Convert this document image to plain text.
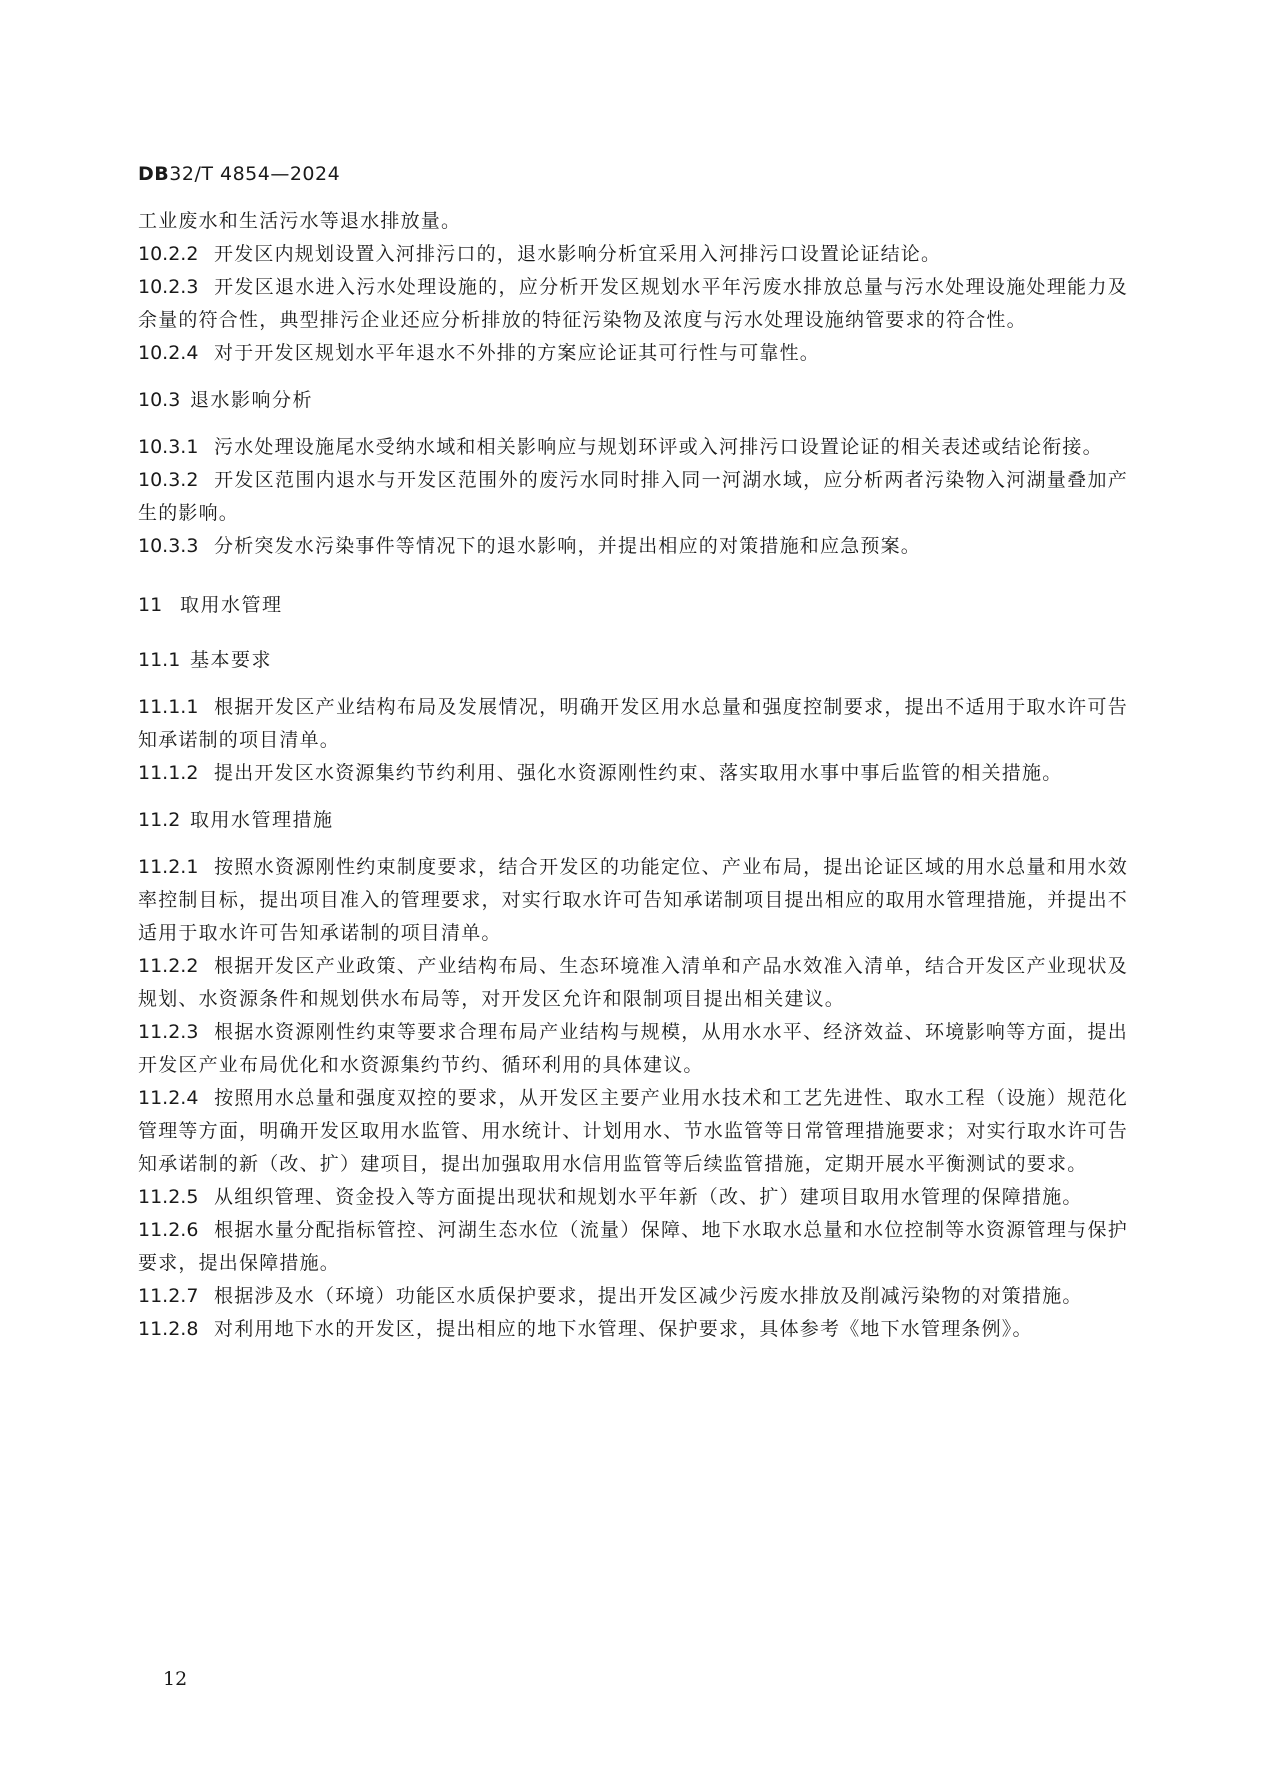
DB32/T 4854—2024

工业废水和生活污水等退水排放量。

10.2.2 开发区内规划设置入河排污口的，退水影响分析宜采用入河排污口设置论证结论。

10.2.3 开发区退水进入污水处理设施的，应分析开发区规划水平年污废水排放总量与污水处理设施处理能力及余量的符合性，典型排污企业还应分析排放的特征污染物及浓度与污水处理设施纳管要求的符合性。

10.2.4 对于开发区规划水平年退水不外排的方案应论证其可行性与可靠性。

10.3 退水影响分析

10.3.1 污水处理设施尾水受纳水域和相关影响应与规划环评或入河排污口设置论证的相关表述或结论衔接。

10.3.2 开发区范围内退水与开发区范围外的废污水同时排入同一河湖水域，应分析两者污染物入河湖量叠加产生的影响。

10.3.3 分析突发水污染事件等情况下的退水影响，并提出相应的对策措施和应急预案。

11 取用水管理

11.1 基本要求

11.1.1 根据开发区产业结构布局及发展情况，明确开发区用水总量和强度控制要求，提出不适用于取水许可告知承诺制的项目清单。

11.1.2 提出开发区水资源集约节约利用、强化水资源刚性约束、落实取用水事中事后监管的相关措施。

11.2 取用水管理措施

11.2.1 按照水资源刚性约束制度要求，结合开发区的功能定位、产业布局，提出论证区域的用水总量和用水效率控制目标，提出项目准入的管理要求，对实行取水许可告知承诺制项目提出相应的取用水管理措施，并提出不适用于取水许可告知承诺制的项目清单。

11.2.2 根据开发区产业政策、产业结构布局、生态环境准入清单和产品水效准入清单，结合开发区产业现状及规划、水资源条件和规划供水布局等，对开发区允许和限制项目提出相关建议。

11.2.3 根据水资源刚性约束等要求合理布局产业结构与规模，从用水水平、经济效益、环境影响等方面，提出开发区产业布局优化和水资源集约节约、循环利用的具体建议。

11.2.4 按照用水总量和强度双控的要求，从开发区主要产业用水技术和工艺先进性、取水工程（设施）规范化管理等方面，明确开发区取用水监管、用水统计、计划用水、节水监管等日常管理措施要求；对实行取水许可告知承诺制的新（改、扩）建项目，提出加强取用水信用监管等后续监管措施，定期开展水平衡测试的要求。

11.2.5 从组织管理、资金投入等方面提出现状和规划水平年新（改、扩）建项目取用水管理的保障措施。

11.2.6 根据水量分配指标管控、河湖生态水位（流量）保障、地下水取水总量和水位控制等水资源管理与保护要求，提出保障措施。

11.2.7 根据涉及水（环境）功能区水质保护要求，提出开发区减少污废水排放及削减污染物的对策措施。

11.2.8 对利用地下水的开发区，提出相应的地下水管理、保护要求，具体参考《地下水管理条例》。

12
